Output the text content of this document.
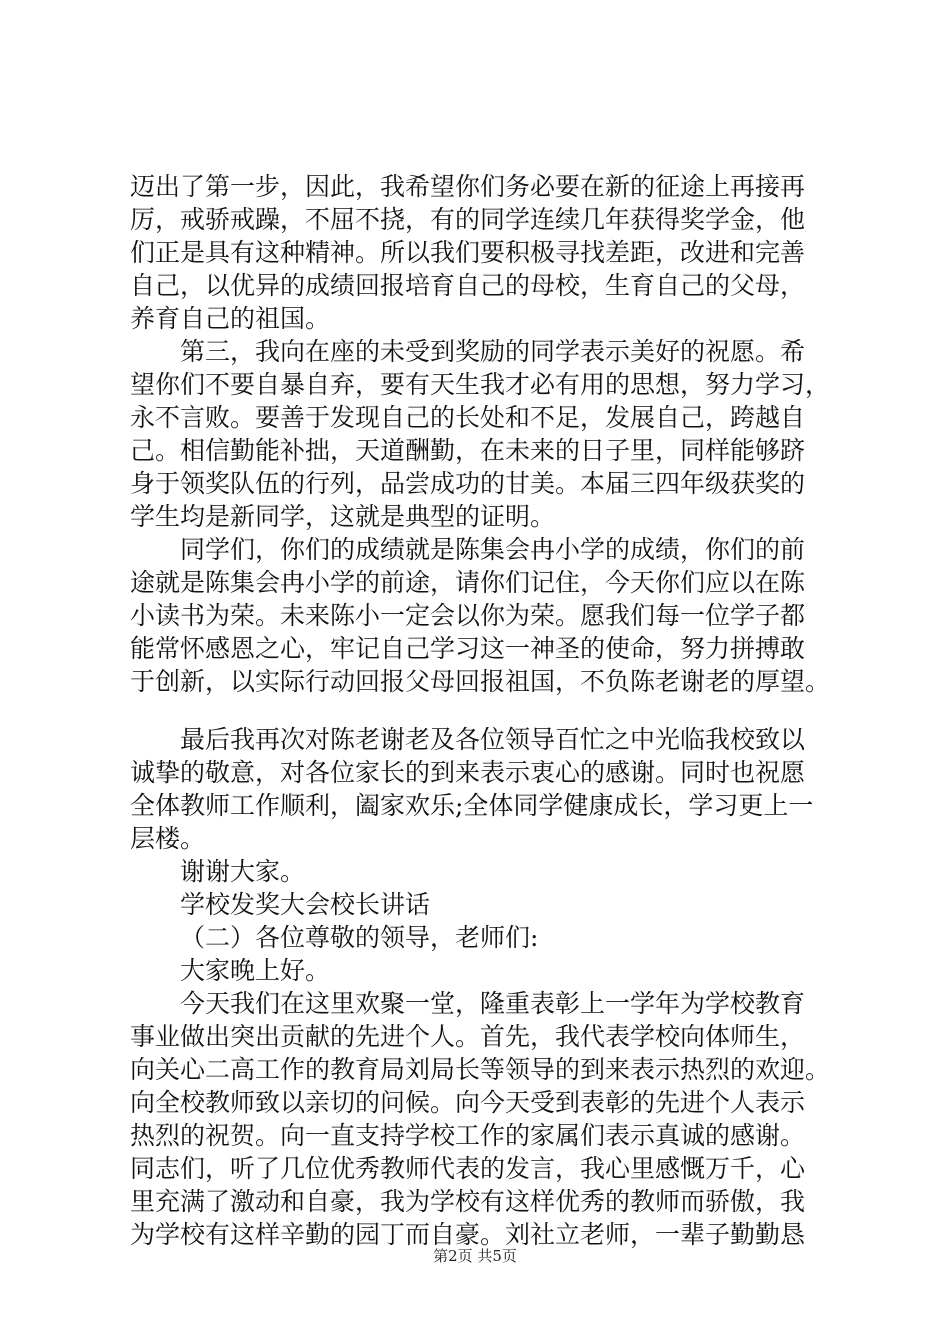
迈出了第一步，因此，我希望你们务必要在新的征途上再接再
厉，戒骄戒躁，不屈不挠，有的同学连续几年获得奖学金，他
们正是具有这种精神。所以我们要积极寻找差距，改进和完善
自己，以优异的成绩回报培育自己的母校，生育自己的父母，
养育自己的祖国。
第三，我向在座的未受到奖励的同学表示美好的祝愿。希
望你们不要自暴自弃，要有天生我才必有用的思想，努力学习，
永不言败。要善于发现自己的长处和不足，发展自己，跨越自
己。相信勤能补拙，天道酬勤，在未来的日子里，同样能够跻
身于领奖队伍的行列，品尝成功的甘美。本届三四年级获奖的
学生均是新同学，这就是典型的证明。
同学们，你们的成绩就是陈集会冉小学的成绩，你们的前
途就是陈集会冉小学的前途，请你们记住，今天你们应以在陈
小读书为荣。未来陈小一定会以你为荣。愿我们每一位学子都
能常怀感恩之心，牢记自己学习这一神圣的使命，努力拼搏敢
于创新，以实际行动回报父母回报祖国，不负陈老谢老的厚望。
最后我再次对陈老谢老及各位领导百忙之中光临我校致以
诚挚的敬意，对各位家长的到来表示衷心的感谢。同时也祝愿
全体教师工作顺利，阖家欢乐;全体同学健康成长，学习更上一
层楼。
谢谢大家。
学校发奖大会校长讲话
（二）各位尊敬的领导，老师们:
大家晚上好。
今天我们在这里欢聚一堂，隆重表彰上一学年为学校教育
事业做出突出贡献的先进个人。首先，我代表学校向体师生，
向关心二高工作的教育局刘局长等领导的到来表示热烈的欢迎。
向全校教师致以亲切的问候。向今天受到表彰的先进个人表示
热烈的祝贺。向一直支持学校工作的家属们表示真诚的感谢。
同志们，听了几位优秀教师代表的发言，我心里感慨万千，心
里充满了激动和自豪，我为学校有这样优秀的教师而骄傲，我
为学校有这样辛勤的园丁而自豪。刘社立老师，一辈子勤勤恳
第2页 共5页
